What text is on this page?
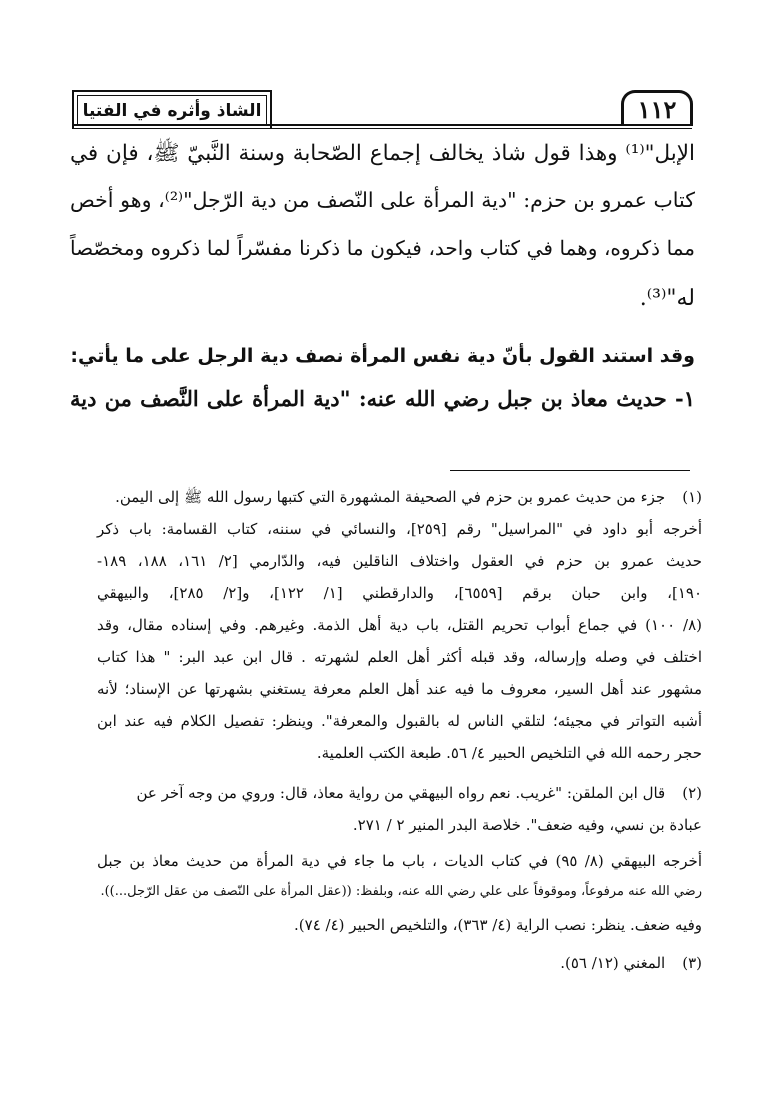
١١٢
الشاذ وأثره في الفتيا
الإبل"⁽¹⁾ وهذا قول شاذ يخالف إجماع الصّحابة وسنة النَّبيّ ﷺ، فإن في
كتاب عمرو بن حزم: "دية المرأة على النّصف من دية الرّجل"⁽²⁾، وهو أخص
مما ذكروه، وهما في كتاب واحد، فيكون ما ذكرنا مفسّراً لما ذكروه ومخصّصاً
له"⁽³⁾.
وقد استند القول بأنّ دية نفس المرأة نصف دية الرجل على ما يأتي:
١- حديث معاذ بن جبل رضي الله عنه: "دية المرأة على النَّصف من دية
(١) جزء من حديث عمرو بن حزم في الصحيفة المشهورة التي كتبها رسول الله ﷺ إلى اليمن.
أخرجه أبو داود في "المراسيل" رقم [٢٥٩]، والنسائي في سننه، كتاب القسامة: باب ذكر
حديث عمرو بن حزم في العقول واختلاف الناقلين فيه، والدّارمي [٢/ ١٦١، ١٨٨، ١٨٩-
١٩٠]، وابن حبان برقم [٦٥٥٩]، والدارقطني [١/ ١٢٢]، و[٢/ ٢٨٥]، والبيهقي
(٨/ ١٠٠) في جماع أبواب تحريم القتل، باب دية أهل الذمة. وغيرهم. وفي إسناده مقال، وقد
اختلف في وصله وإرساله، وقد قبله أكثر أهل العلم لشهرته . قال ابن عبد البر: " هذا كتاب
مشهور عند أهل السير، معروف ما فيه عند أهل العلم معرفة يستغني بشهرتها عن الإسناد؛ لأنه
أشبه التواتر في مجيئه؛ لتلقي الناس له بالقبول والمعرفة". وينظر: تفصيل الكلام فيه عند ابن
حجر رحمه الله في التلخيص الحبير ٤/ ٥٦. طبعة الكتب العلمية.
(٢) قال ابن الملقن: "غريب. نعم رواه البيهقي من رواية معاذ، قال: وروي من وجه آخر عن
عبادة بن نسي، وفيه ضعف". خلاصة البدر المنير ٢ / ٢٧١.
أخرجه البيهقي (٨/ ٩٥) في كتاب الديات ، باب ما جاء في دية المرأة من حديث معاذ بن جبل
رضي الله عنه مرفوعاً، وموقوفاً على علي رضي الله عنه، وبلفظ: ((عقل المرأة على النّصف من عقل الرّجل...)).
وفيه ضعف. ينظر: نصب الراية (٤/ ٣٦٣)، والتلخيص الحبير (٤/ ٧٤).
(٣) المغني (١٢/ ٥٦).
